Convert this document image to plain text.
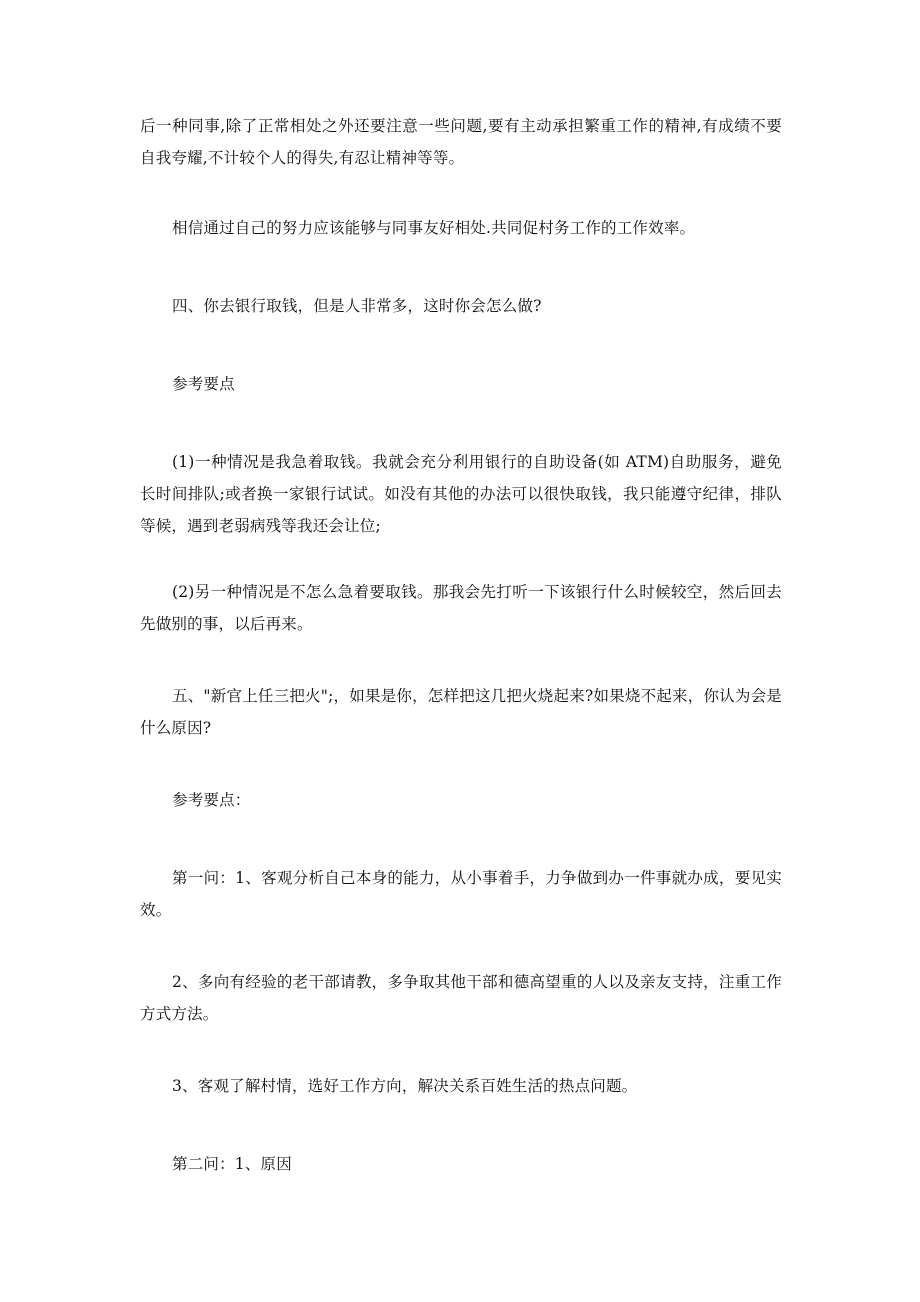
后一种同事,除了正常相处之外还要注意一些问题,要有主动承担繁重工作的精神,有成绩不要自我夸耀,不计较个人的得失,有忍让精神等等。

相信通过自己的努力应该能够与同事友好相处.共同促村务工作的工作效率。

四、你去银行取钱，但是人非常多，这时你会怎么做?

参考要点

(1)一种情况是我急着取钱。我就会充分利用银行的自助设备(如 ATM)自助服务，避免长时间排队;或者换一家银行试试。如没有其他的办法可以很快取钱，我只能遵守纪律，排队等候，遇到老弱病残等我还会让位;

(2)另一种情况是不怎么急着要取钱。那我会先打听一下该银行什么时候较空，然后回去先做别的事，以后再来。

五、"新官上任三把火";，如果是你，怎样把这几把火烧起来?如果烧不起来，你认为会是什么原因?

参考要点：

第一问：1、客观分析自己本身的能力，从小事着手，力争做到办一件事就办成，要见实效。

2、多向有经验的老干部请教，多争取其他干部和德高望重的人以及亲友支持，注重工作方式方法。

3、客观了解村情，选好工作方向，解决关系百姓生活的热点问题。

第二问：1、原因
